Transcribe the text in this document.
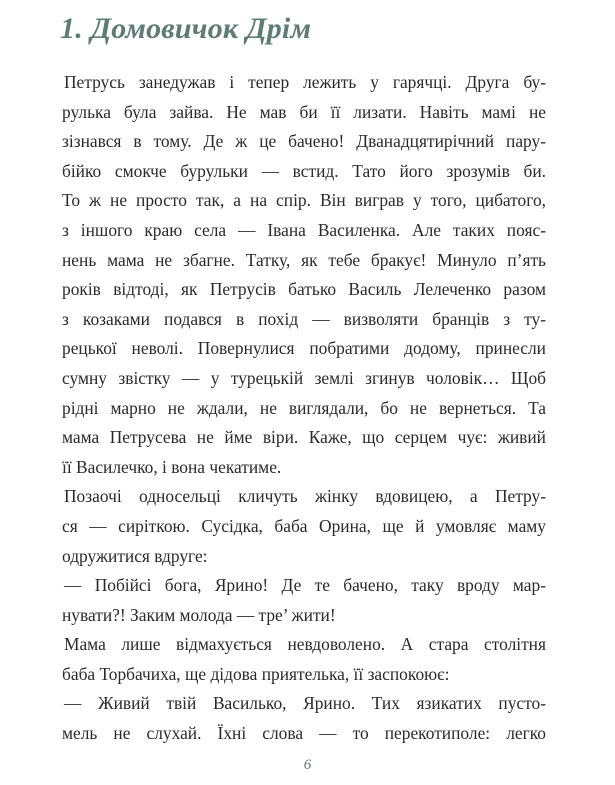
1. Домовичок Дрім
Петрусь занедужав і тепер лежить у гарячці. Друга бу-
рулька була зайва. Не мав би її лизати. Навіть мамі не
зізнався в тому. Де ж це бачено! Дванадцятирічний пару-
бійко смокче бурульки — встид. Тато його зрозумів би.
То ж не просто так, а на спір. Він виграв у того, цибатого,
з іншого краю села — Івана Василенка. Але таких пояс-
нень мама не збагне. Татку, як тебе бракує! Минуло п’ять
років відтоді, як Петрусів батько Василь Лелеченко разом
з козаками подався в похід — визволяти бранців з ту-
рецької неволі. Повернулися побратими додому, принесли
сумну звістку — у турецькій землі згинув чоловік… Щоб
рідні марно не ждали, не виглядали, бо не вернеться. Та
мама Петрусева не йме віри. Каже, що серцем чує: живий
її Василечко, і вона чекатиме.
Позаочі односельці кличуть жінку вдовицею, а Петру-
ся — сиріткою. Сусідка, баба Орина, ще й умовляє маму
одружитися вдруге:
— Побійсі бога, Ярино! Де те бачено, таку вроду мар-
нувати?! Заким молода — тре’ жити!
Мама лише відмахується невдоволено. А стара столітня
баба Торбачиха, ще дідова приятелька, її заспокоює:
— Живий твій Василько, Ярино. Тих язикатих пусто-
мель не слухай. Їхні слова — то перекотиполе: легко
6
